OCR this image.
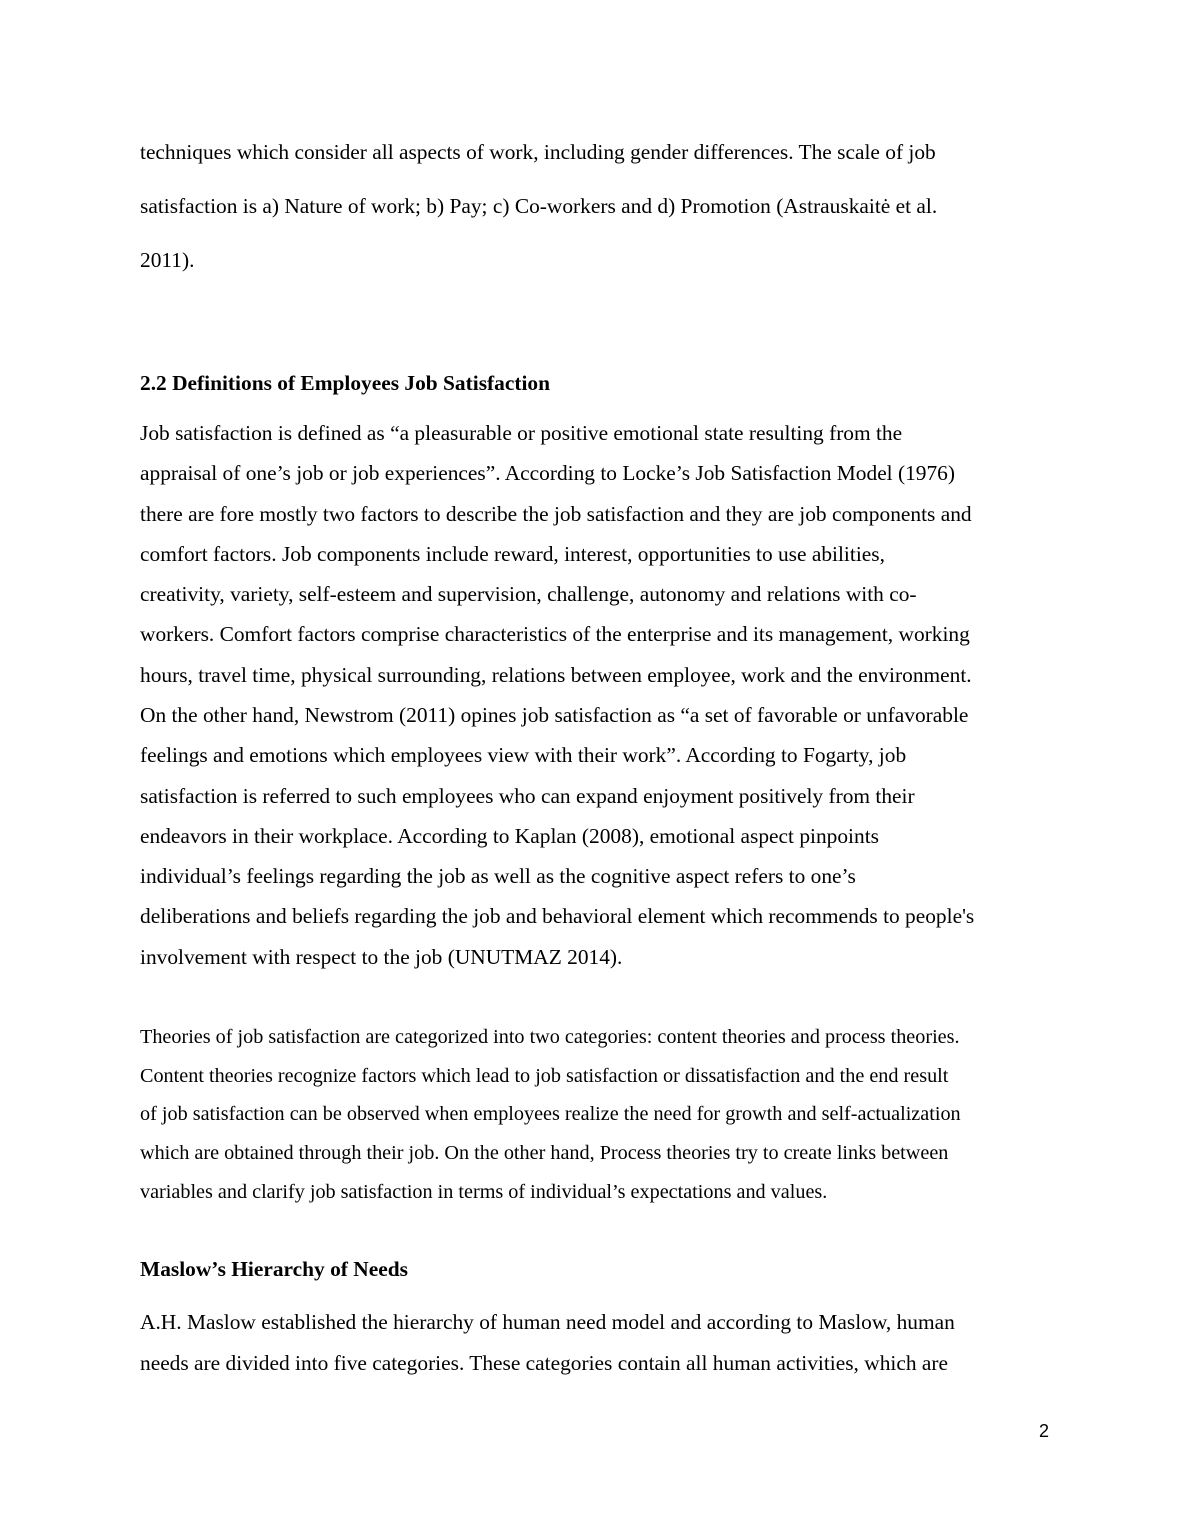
techniques which consider all aspects of work, including gender differences. The scale of job
satisfaction is a) Nature of work; b) Pay; c) Co-workers and d) Promotion (Astrauskaitė et al.
2011).
2.2 Definitions of Employees Job Satisfaction
Job satisfaction is defined as “a pleasurable or positive emotional state resulting from the
appraisal of one’s job or job experiences”. According to Locke’s Job Satisfaction Model (1976)
there are fore mostly two factors to describe the job satisfaction and they are job components and
comfort factors. Job components include reward, interest, opportunities to use abilities,
creativity, variety, self-esteem and supervision, challenge, autonomy and relations with co-
workers. Comfort factors comprise characteristics of the enterprise and its management, working
hours, travel time, physical surrounding, relations between employee, work and the environment.
On the other hand, Newstrom (2011) opines job satisfaction as “a set of favorable or unfavorable
feelings and emotions which employees view with their work”. According to Fogarty, job
satisfaction is referred to such employees who can expand enjoyment positively from their
endeavors in their workplace. According to Kaplan (2008), emotional aspect pinpoints
individual’s feelings regarding the job as well as the cognitive aspect refers to one’s
deliberations and beliefs regarding the job and behavioral element which recommends to people's
involvement with respect to the job (UNUTMAZ 2014).
Theories of job satisfaction are categorized into two categories: content theories and process theories.
Content theories recognize factors which lead to job satisfaction or dissatisfaction and the end result
of job satisfaction can be observed when employees realize the need for growth and self-actualization
which are obtained through their job. On the other hand, Process theories try to create links between
variables and clarify job satisfaction in terms of individual’s expectations and values.
Maslow’s Hierarchy of Needs
A.H. Maslow established the hierarchy of human need model and according to Maslow, human
needs are divided into five categories. These categories contain all human activities, which are
2
